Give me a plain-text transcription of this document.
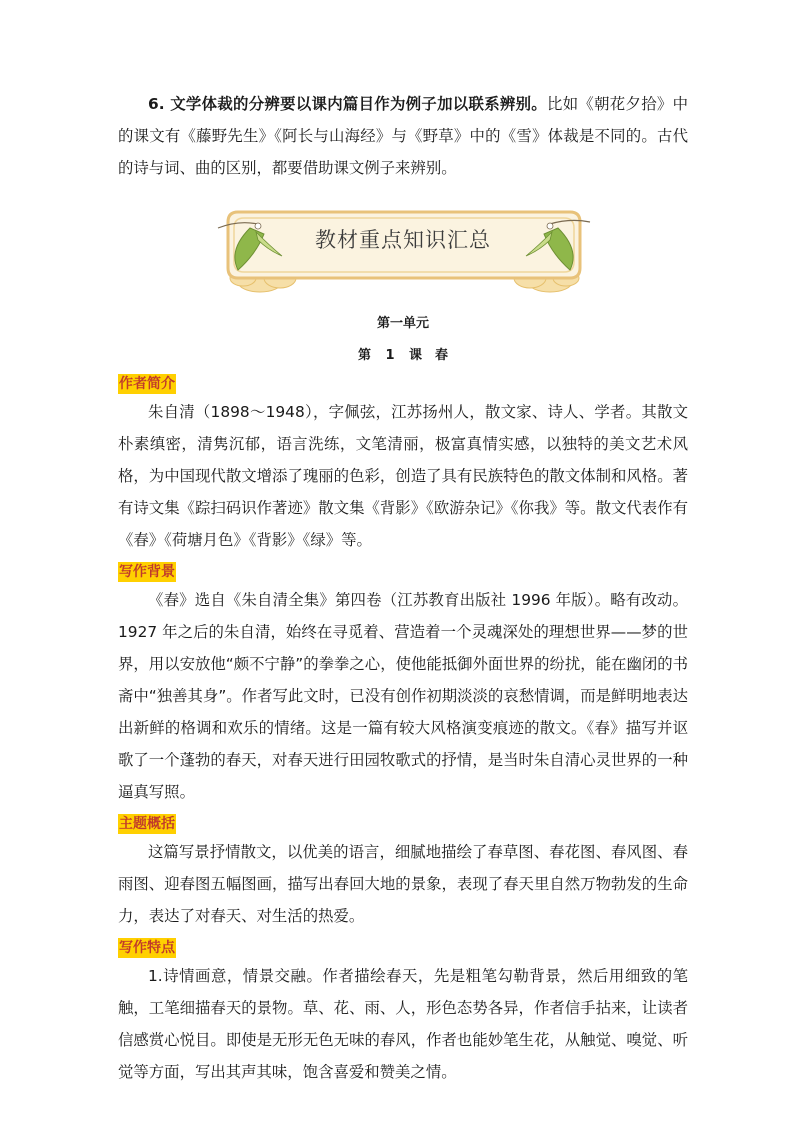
6. 文学体裁的分辨要以课内篇目作为例子加以联系辨别。比如《朝花夕拾》中的课文有《藤野先生》《阿长与山海经》与《野草》中的《雪》体裁是不同的。古代的诗与词、曲的区别，都要借助课文例子来辨别。

教材重点知识汇总
第一单元
第 1 课　春
作者简介

朱自清（1898～1948），字佩弦，江苏扬州人，散文家、诗人、学者。其散文朴素缜密，清隽沉郁，语言洗练，文笔清丽，极富真情实感，以独特的美文艺术风格，为中国现代散文增添了瑰丽的色彩，创造了具有民族特色的散文体制和风格。著有诗文集《踪扫码识作著迹》散文集《背影》《欧游杂记》《你我》等。散文代表作有《春》《荷塘月色》《背影》《绿》等。

写作背景

《春》选自《朱自清全集》第四卷（江苏教育出版社 1996 年版）。略有改动。1927 年之后的朱自清，始终在寻觅着、营造着一个灵魂深处的理想世界——梦的世界，用以安放他“颇不宁静”的拳拳之心，使他能抵御外面世界的纷扰，能在幽闭的书斋中“独善其身”。作者写此文时，已没有创作初期淡淡的哀愁情调，而是鲜明地表达出新鲜的格调和欢乐的情绪。这是一篇有较大风格演变痕迹的散文。《春》描写并讴歌了一个蓬勃的春天，对春天进行田园牧歌式的抒情，是当时朱自清心灵世界的一种逼真写照。

主题概括

这篇写景抒情散文，以优美的语言，细腻地描绘了春草图、春花图、春风图、春雨图、迎春图五幅图画，描写出春回大地的景象，表现了春天里自然万物勃发的生命力，表达了对春天、对生活的热爱。

写作特点

1.诗情画意，情景交融。作者描绘春天，先是粗笔勾勒背景，然后用细致的笔触，工笔细描春天的景物。草、花、雨、人，形色态势各异，作者信手拈来，让读者信感赏心悦目。即使是无形无色无味的春风，作者也能妙笔生花，从触觉、嗅觉、听觉等方面，写出其声其味，饱含喜爱和赞美之情。
